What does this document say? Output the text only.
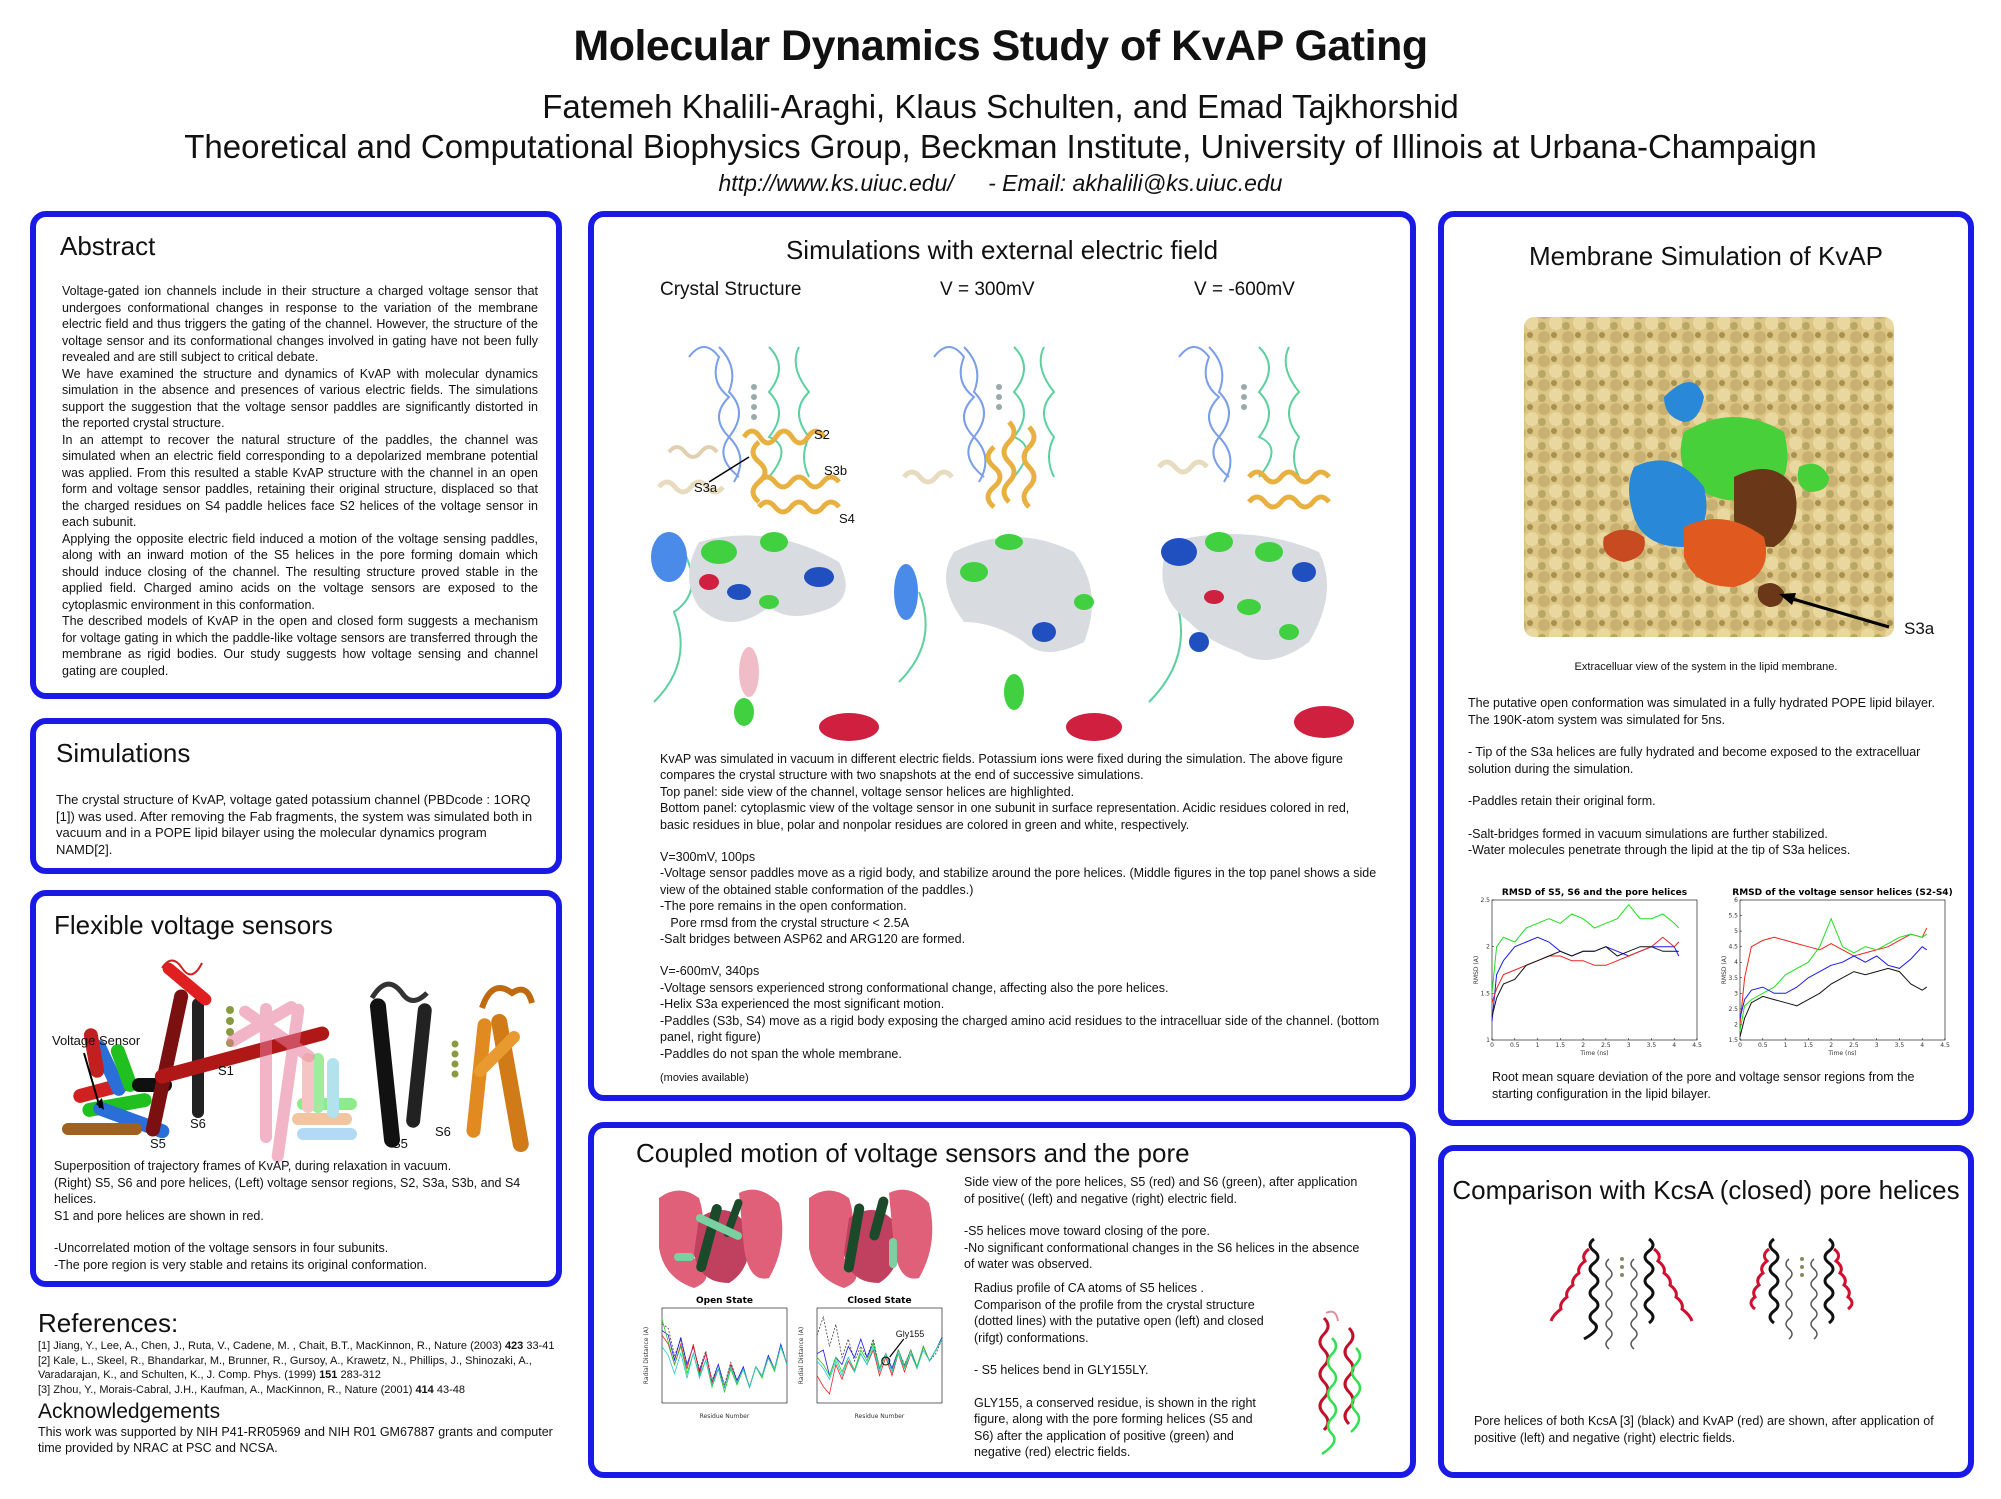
Molecular Dynamics Study of KvAP Gating
Fatemeh Khalili-Araghi, Klaus Schulten, and Emad Tajkhorshid
Theoretical and Computational Biophysics Group, Beckman Institute, University of Illinois at Urbana-Champaign
http://www.ks.uiuc.edu/ - Email: akhalili@ks.uiuc.edu
Abstract

Voltage-gated ion channels include in their structure a charged voltage sensor that undergoes conformational changes in response to the variation of the membrane electric field and thus triggers the gating of the channel. However, the structure of the voltage sensor and its conformational changes involved in gating have not been fully revealed and are still subject to critical debate.

We have examined the structure and dynamics of KvAP with molecular dynamics simulation in the absence and presences of various electric fields. The simulations support the suggestion that the voltage sensor paddles are significantly distorted in the reported crystal structure.

In an attempt to recover the natural structure of the paddles, the channel was simulated when an electric field corresponding to a depolarized membrane potential was applied. From this resulted a stable KvAP structure with the channel in an open form and voltage sensor paddles, retaining their original structure, displaced so that the charged residues on S4 paddle helices face S2 helices of the voltage sensor in each subunit.

Applying the opposite electric field induced a motion of the voltage sensing paddles, along with an inward motion of the S5 helices in the pore forming domain which should induce closing of the channel. The resulting structure proved stable in the applied field. Charged amino acids on the voltage sensors are exposed to the cytoplasmic environment in this conformation.

The described models of KvAP in the open and closed form suggests a mechanism for voltage gating in which the paddle-like voltage sensors are transferred through the membrane as rigid bodies. Our study suggests how voltage sensing and channel gating are coupled.

Simulations
The crystal structure of KvAP, voltage gated potassium channel (PBDcode : 1ORQ [1]) was used. After removing the Fab fragments, the system was simulated both in vacuum and in a POPE lipid bilayer using the molecular dynamics program NAMD[2].
Flexible voltage sensors
Voltage Sensor
S1
S6
S5
S6
S5

Superposition of trajectory frames of KvAP, during relaxation in vacuum.

(Right) S5, S6 and pore helices, (Left) voltage sensor regions, S2, S3a, S3b, and S4 helices.

S1 and pore helices are shown in red.

-Uncorrelated motion of the voltage sensors in four subunits.

-The pore region is very stable and retains its original conformation.

References:
[1] Jiang, Y., Lee, A., Chen, J., Ruta, V., Cadene, M. , Chait, B.T., MacKinnon, R., Nature (2003) 423 33-41
[2] Kale, L., Skeel, R., Bhandarkar, M., Brunner, R., Gursoy, A., Krawetz, N., Phillips, J., Shinozaki, A., Varadarajan, K., and Schulten, K., J. Comp. Phys. (1999) 151 283-312
[3] Zhou, Y., Morais-Cabral, J.H., Kaufman, A., MacKinnon, R., Nature (2001) 414 43-48
Acknowledgements

This work was supported by NIH P41-RR05969 and NIH R01 GM67887 grants and computer time provided by NRAC at PSC and NCSA.

Simulations with external electric field
Crystal Structure	V = 300mV	V = -600mV
S2
S3a
S3b
S4

KvAP was simulated in vacuum in different electric fields. Potassium ions were fixed during the simulation. The above figure compares the crystal structure with two snapshots at the end of successive simulations.

Top panel: side view of the channel, voltage sensor helices are highlighted.

Bottom panel: cytoplasmic view of the voltage sensor in one subunit in surface representation. Acidic residues colored in red, basic residues in blue, polar and nonpolar residues are colored in green and white, respectively.

V=300mV, 100ps

-Voltage sensor paddles move as a rigid body, and stabilize around the pore helices. (Middle figures in the top panel shows a side view of the obtained stable conformation of the paddles.)

-The pore remains in the open conformation.

Pore rmsd from the crystal structure < 2.5A

-Salt bridges between ASP62 and ARG120 are formed.

V=-600mV, 340ps

-Voltage sensors experienced strong conformational change, affecting also the pore helices.

-Helix S3a experienced the most significant motion.

-Paddles (S3b, S4) move as a rigid body exposing the charged amino acid residues to the intracelluar side of the channel. (bottom panel, right figure)

-Paddles do not span the whole membrane.

(movies available)

Coupled motion of voltage sensors and the pore
Open State
Residue Number
Radial Distance (A)
Closed State
Residue Number
Radial Distance (A)	Gly155

Side view of the pore helices, S5 (red) and S6 (green), after application of positive( (left) and negative (right) electric field.

-S5 helices move toward closing of the pore.

-No significant conformational changes in the S6 helices in the absence of water was observed.

Radius profile of CA atoms of S5 helices .

Comparison of the profile from the crystal structure (dotted lines) with the putative open (left) and closed (rifgt) conformations.

- S5 helices bend in GLY155LY.

GLY155, a conserved residue, is shown in the right figure, along with the pore forming helices (S5 and S6) after the application of positive (green) and negative (red) electric fields.

Membrane Simulation of KvAP
S3a
Extracelluar view of the system in the lipid membrane.

The putative open conformation was simulated in a fully hydrated POPE lipid bilayer. The 190K-atom system was simulated for 5ns.

- Tip of the S3a helices are fully hydrated and become exposed to the extracelluar solution during the simulation.

-Paddles retain their original form.

-Salt-bridges formed in vacuum simulations are further stabilized.

-Water molecules penetrate through the lipid at the tip of S3a helices.

RMSD of S5, S6 and the pore helices
0	0.5	1	1.5	2	2.5	3	3.5	4	4.5
1
1.5
2
2.5
Time (ns)
RMSD (A)
RMSD of the voltage sensor helices (S2-S4)
0	0.5	1	1.5	2	2.5	3	3.5	4	4.5
1.5
2
2.5
3
3.5
4
4.5
5
5.5
6
Time (ns)
RMSD (A)
Root mean square deviation of the pore and voltage sensor regions from the starting configuration in the lipid bilayer.
Comparison with KcsA (closed) pore helices
Pore helices of both KcsA [3] (black) and KvAP (red) are shown, after application of positive (left) and negative (right) electric fields.
